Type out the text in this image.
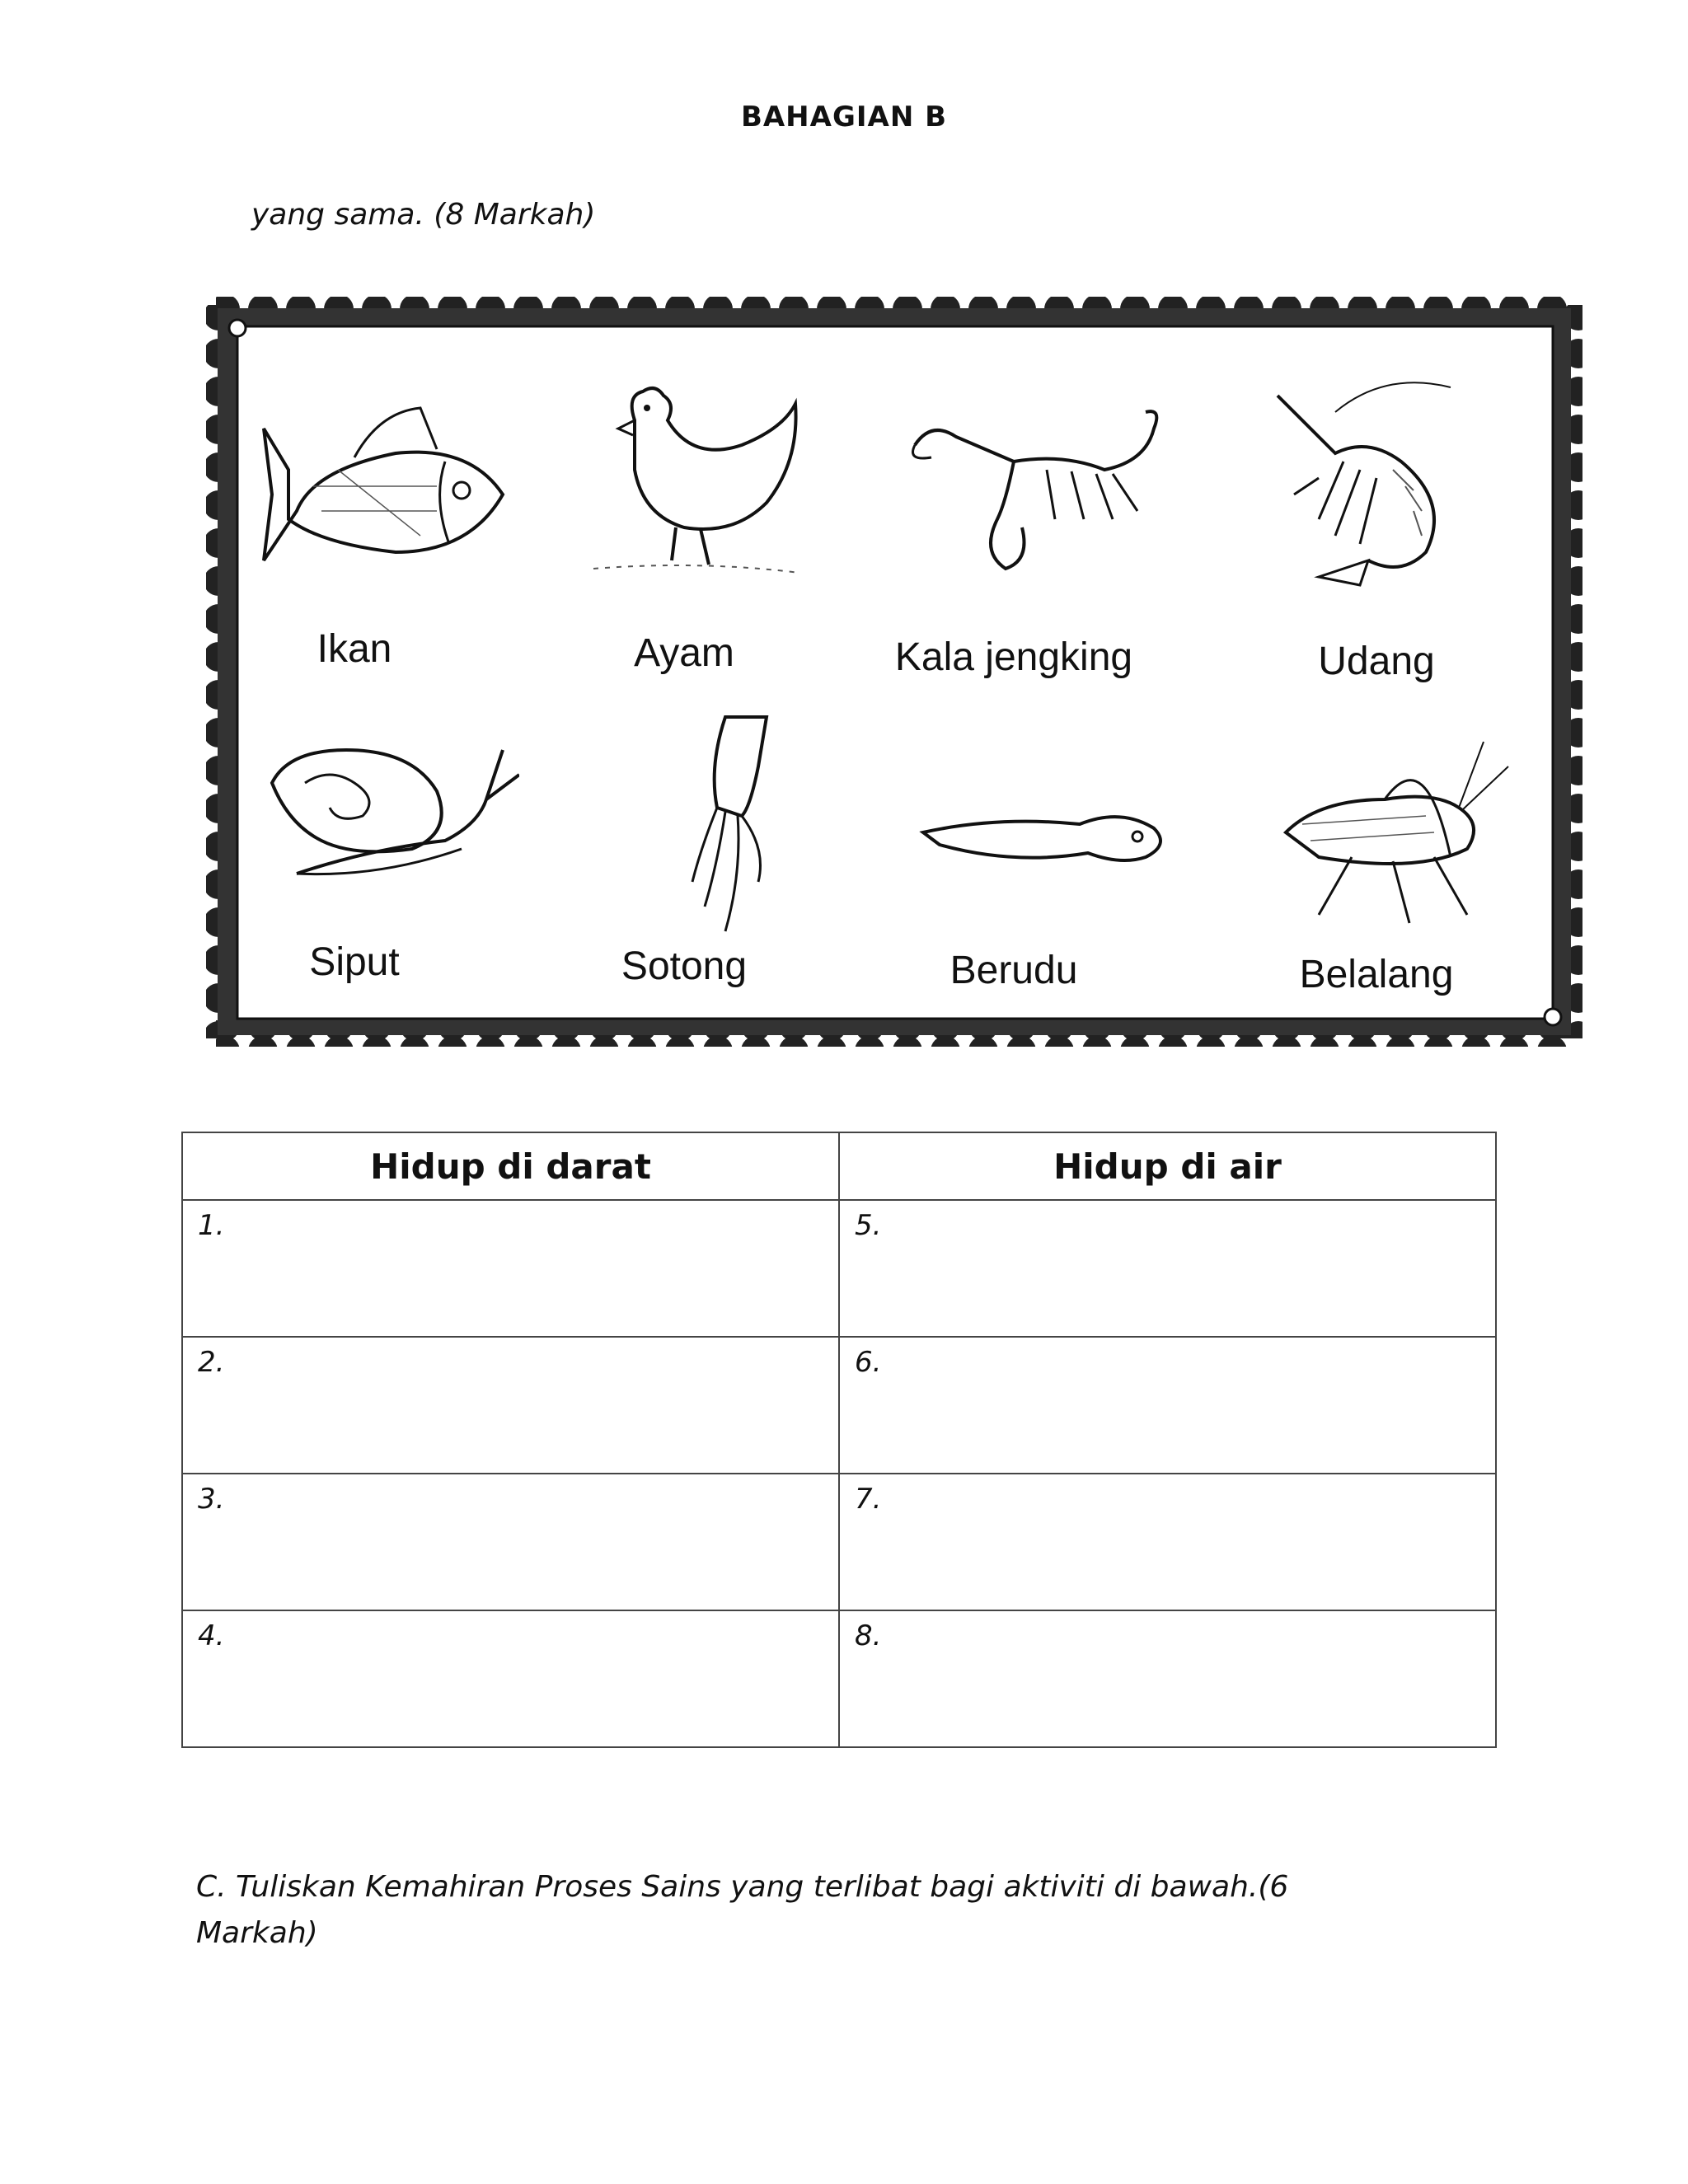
BAHAGIAN B
yang sama. (8 Markah)
Ikan	Ayam	Kala jengking	Udang
Siput	Sotong	Berudu	Belalang
Hidup di darat	Hidup di air
1.	5.
2.	6.
3.	7.
4.	8.
C. Tuliskan Kemahiran Proses Sains yang terlibat bagi aktiviti di bawah.(6 Markah)
